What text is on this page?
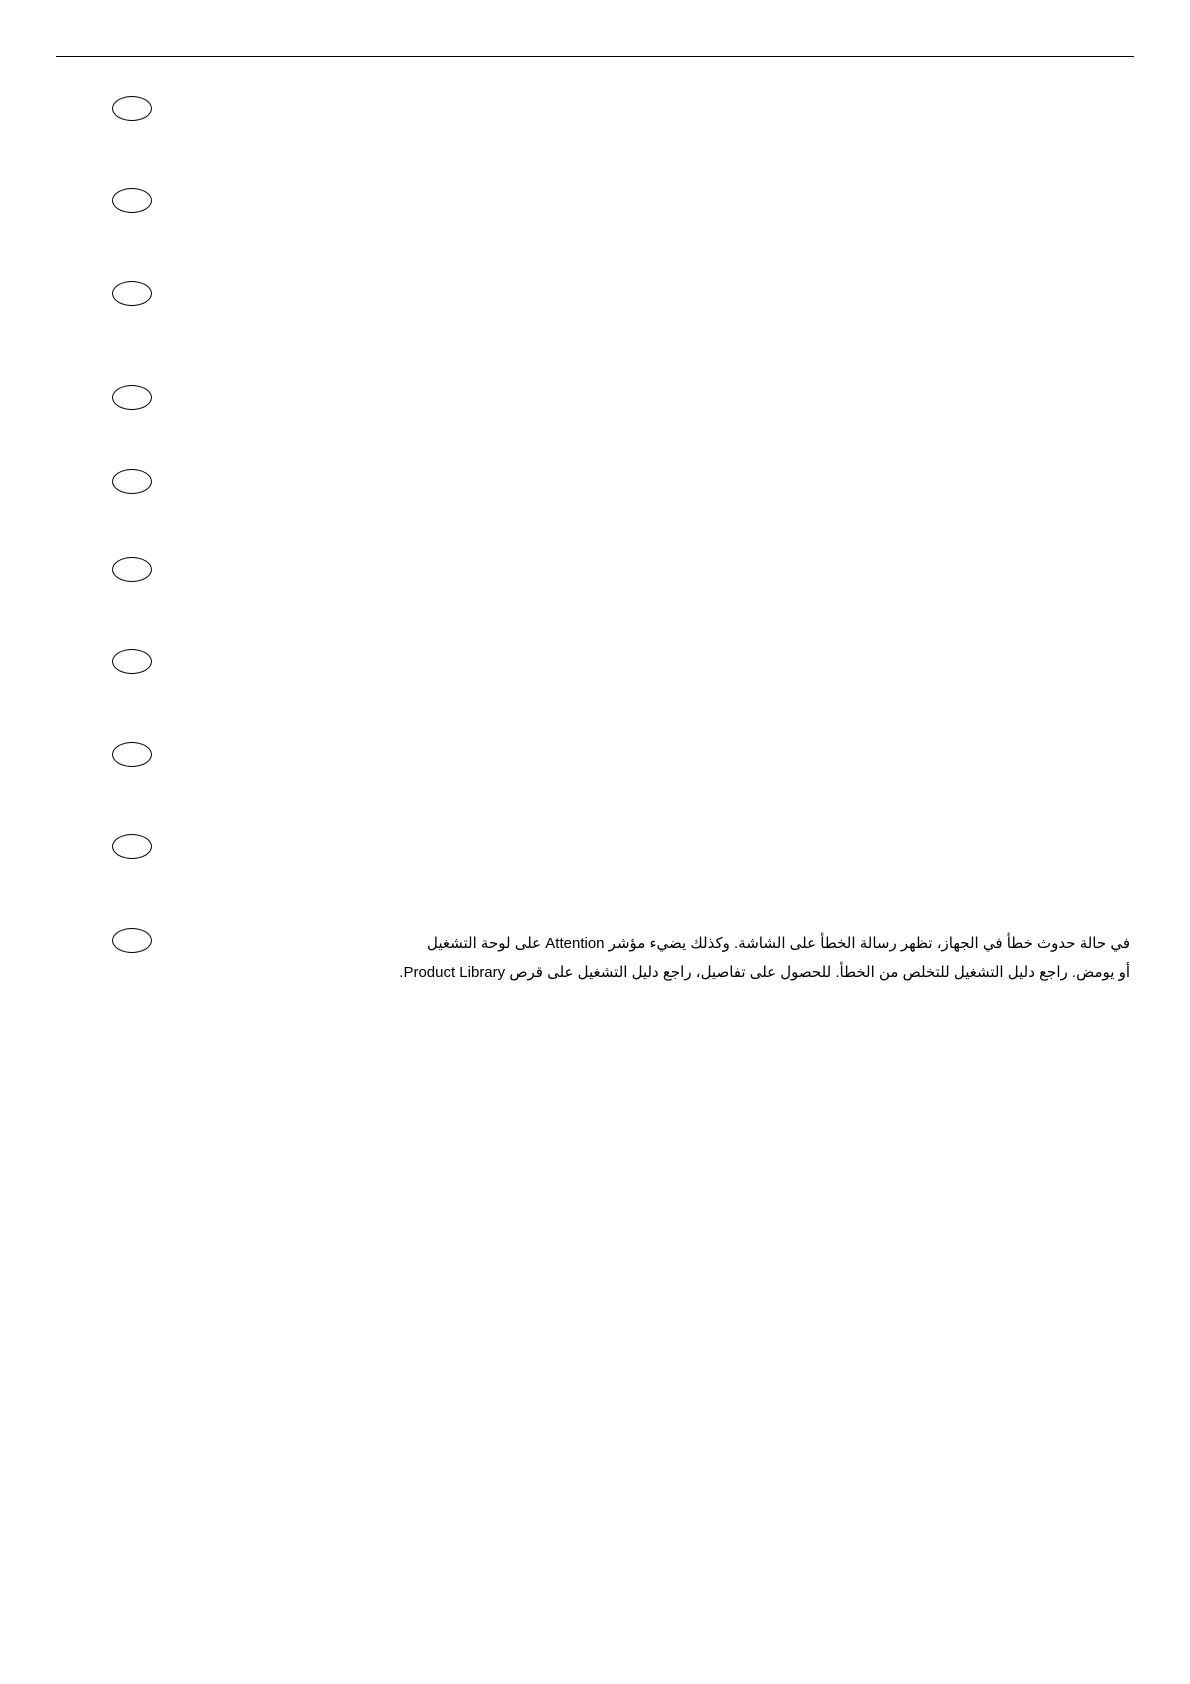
في حالة حدوث خطأ في الجهاز، تظهر رسالة الخطأ على الشاشة. وكذلك يضيء مؤشر Attention على لوحة التشغيل
أو يومض. راجع دليل التشغيل للتخلص من الخطأ. للحصول على تفاصيل، راجع دليل التشغيل على قرص Product Library.
